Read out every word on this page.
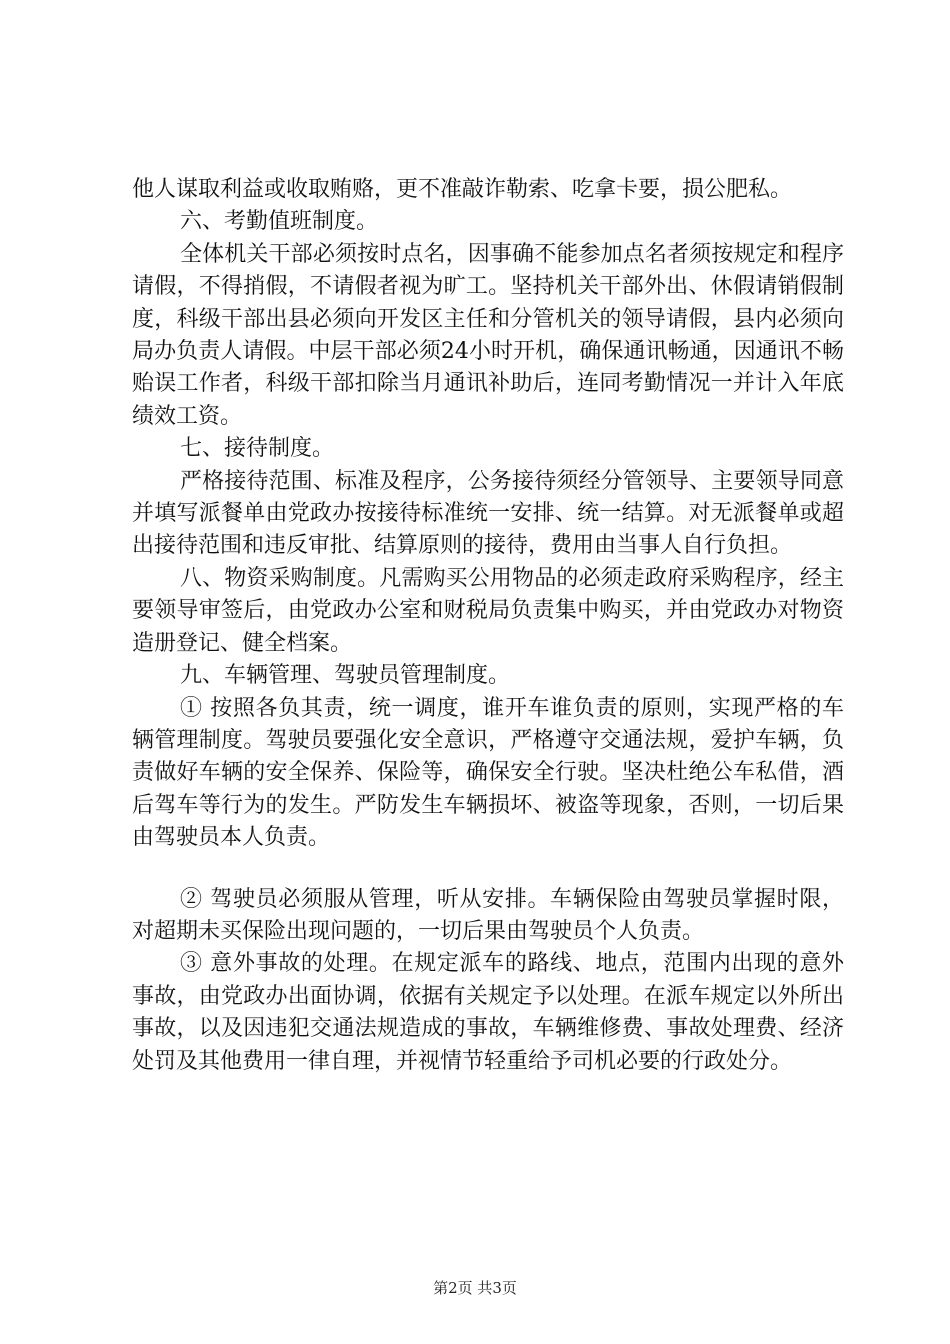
他人谋取利益或收取贿赂，更不准敲诈勒索、吃拿卡要，损公肥私。

六、考勤值班制度。

全体机关干部必须按时点名，因事确不能参加点名者须按规定和程序请假，不得捎假，不请假者视为旷工。坚持机关干部外出、休假请销假制度，科级干部出县必须向开发区主任和分管机关的领导请假，县内必须向局办负责人请假。中层干部必须24小时开机，确保通讯畅通，因通讯不畅贻误工作者，科级干部扣除当月通讯补助后，连同考勤情况一并计入年底绩效工资。

七、接待制度。

严格接待范围、标准及程序，公务接待须经分管领导、主要领导同意并填写派餐单由党政办按接待标准统一安排、统一结算。对无派餐单或超出接待范围和违反审批、结算原则的接待，费用由当事人自行负担。

八、物资采购制度。凡需购买公用物品的必须走政府采购程序，经主要领导审签后，由党政办公室和财税局负责集中购买，并由党政办对物资造册登记、健全档案。

九、车辆管理、驾驶员管理制度。

① 按照各负其责，统一调度，谁开车谁负责的原则，实现严格的车辆管理制度。驾驶员要强化安全意识，严格遵守交通法规，爱护车辆，负责做好车辆的安全保养、保险等，确保安全行驶。坚决杜绝公车私借，酒后驾车等行为的发生。严防发生车辆损坏、被盗等现象，否则，一切后果由驾驶员本人负责。

② 驾驶员必须服从管理，听从安排。车辆保险由驾驶员掌握时限，对超期未买保险出现问题的，一切后果由驾驶员个人负责。

③ 意外事故的处理。在规定派车的路线、地点，范围内出现的意外事故，由党政办出面协调，依据有关规定予以处理。在派车规定以外所出事故，以及因违犯交通法规造成的事故，车辆维修费、事故处理费、经济处罚及其他费用一律自理，并视情节轻重给予司机必要的行政处分。

第2页 共3页
